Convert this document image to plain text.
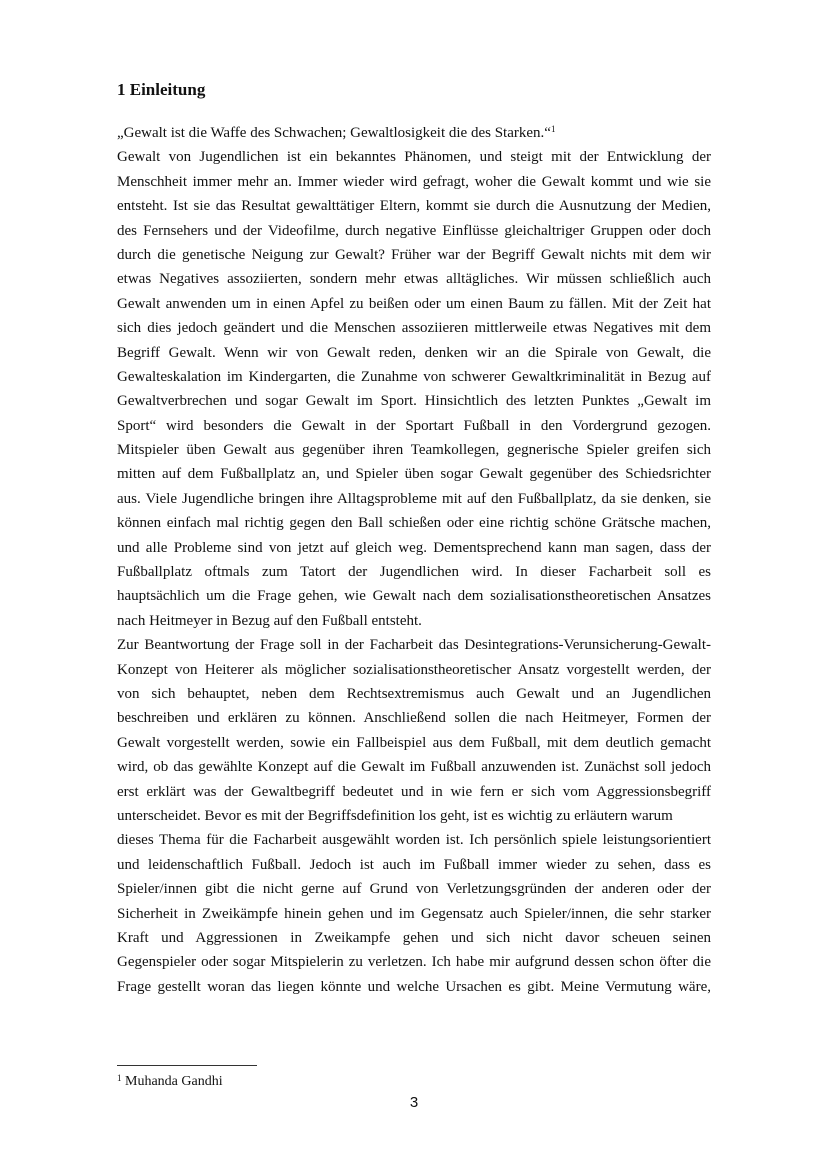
1 Einleitung
„Gewalt ist die Waffe des Schwachen; Gewaltlosigkeit die des Starken.“$^1$
Gewalt von Jugendlichen ist ein bekanntes Phänomen, und steigt mit der Entwicklung der
Menschheit immer mehr an. Immer wieder wird gefragt, woher die Gewalt kommt und wie sie
entsteht. Ist sie das Resultat gewalttätiger Eltern, kommt sie durch die Ausnutzung der Medien,
des Fernsehers und der Videofilme, durch negative Einflüsse gleichaltriger Gruppen oder doch
durch die genetische Neigung zur Gewalt? Früher war der Begriff Gewalt nichts mit dem wir
etwas Negatives assoziierten, sondern mehr etwas alltägliches. Wir müssen schließlich auch
Gewalt anwenden um in einen Apfel zu beißen oder um einen Baum zu fällen. Mit der Zeit hat
sich dies jedoch geändert und die Menschen assoziieren mittlerweile etwas Negatives mit dem
Begriff Gewalt. Wenn wir von Gewalt reden, denken wir an die Spirale von Gewalt, die
Gewalteskalation im Kindergarten, die Zunahme von schwerer Gewaltkriminalität in Bezug auf
Gewaltverbrechen und sogar Gewalt im Sport. Hinsichtlich des letzten Punktes „Gewalt im
Sport“ wird besonders die Gewalt in der Sportart Fußball in den Vordergrund gezogen.
Mitspieler üben Gewalt aus gegenüber ihren Teamkollegen, gegnerische Spieler greifen sich
mitten auf dem Fußballplatz an, und Spieler üben sogar Gewalt gegenüber des Schiedsrichter
aus. Viele Jugendliche bringen ihre Alltagsprobleme mit auf den Fußballplatz, da sie denken, sie
können einfach mal richtig gegen den Ball schießen oder eine richtig schöne Grätsche machen,
und alle Probleme sind von jetzt auf gleich weg. Dementsprechend kann man sagen, dass der
Fußballplatz oftmals zum Tatort der Jugendlichen wird. In dieser Facharbeit soll es
hauptsächlich um die Frage gehen, wie Gewalt nach dem sozialisationstheoretischen Ansatzes
nach Heitmeyer in Bezug auf den Fußball entsteht.
Zur Beantwortung der Frage soll in der Facharbeit das Desintegrations-Verunsicherung-Gewalt-
Konzept von Heiterer als möglicher sozialisationstheoretischer Ansatz vorgestellt werden, der
von sich behauptet, neben dem Rechtsextremismus auch Gewalt und an Jugendlichen
beschreiben und erklären zu können. Anschließend sollen die nach Heitmeyer, Formen der
Gewalt vorgestellt werden, sowie ein Fallbeispiel aus dem Fußball, mit dem deutlich gemacht
wird, ob das gewählte Konzept auf die Gewalt im Fußball anzuwenden ist. Zunächst soll jedoch
erst erklärt was der Gewaltbegriff bedeutet und in wie fern er sich vom Aggressionsbegriff
unterscheidet. Bevor es mit der Begriffsdefinition los geht, ist es wichtig zu erläutern warum
dieses Thema für die Facharbeit ausgewählt worden ist. Ich persönlich spiele leistungsorientiert
und leidenschaftlich Fußball. Jedoch ist auch im Fußball immer wieder zu sehen, dass es
Spieler/innen gibt die nicht gerne auf Grund von Verletzungsgründen der anderen oder der
Sicherheit in Zweikämpfe hinein gehen und im Gegensatz auch Spieler/innen, die sehr starker
Kraft und Aggressionen in Zweikampfe gehen und sich nicht davor scheuen seinen
Gegenspieler oder sogar Mitspielerin zu verletzen. Ich habe mir aufgrund dessen schon öfter die
Frage gestellt woran das liegen könnte und welche Ursachen es gibt. Meine Vermutung wäre,
$^1$ Muhanda Gandhi
3
